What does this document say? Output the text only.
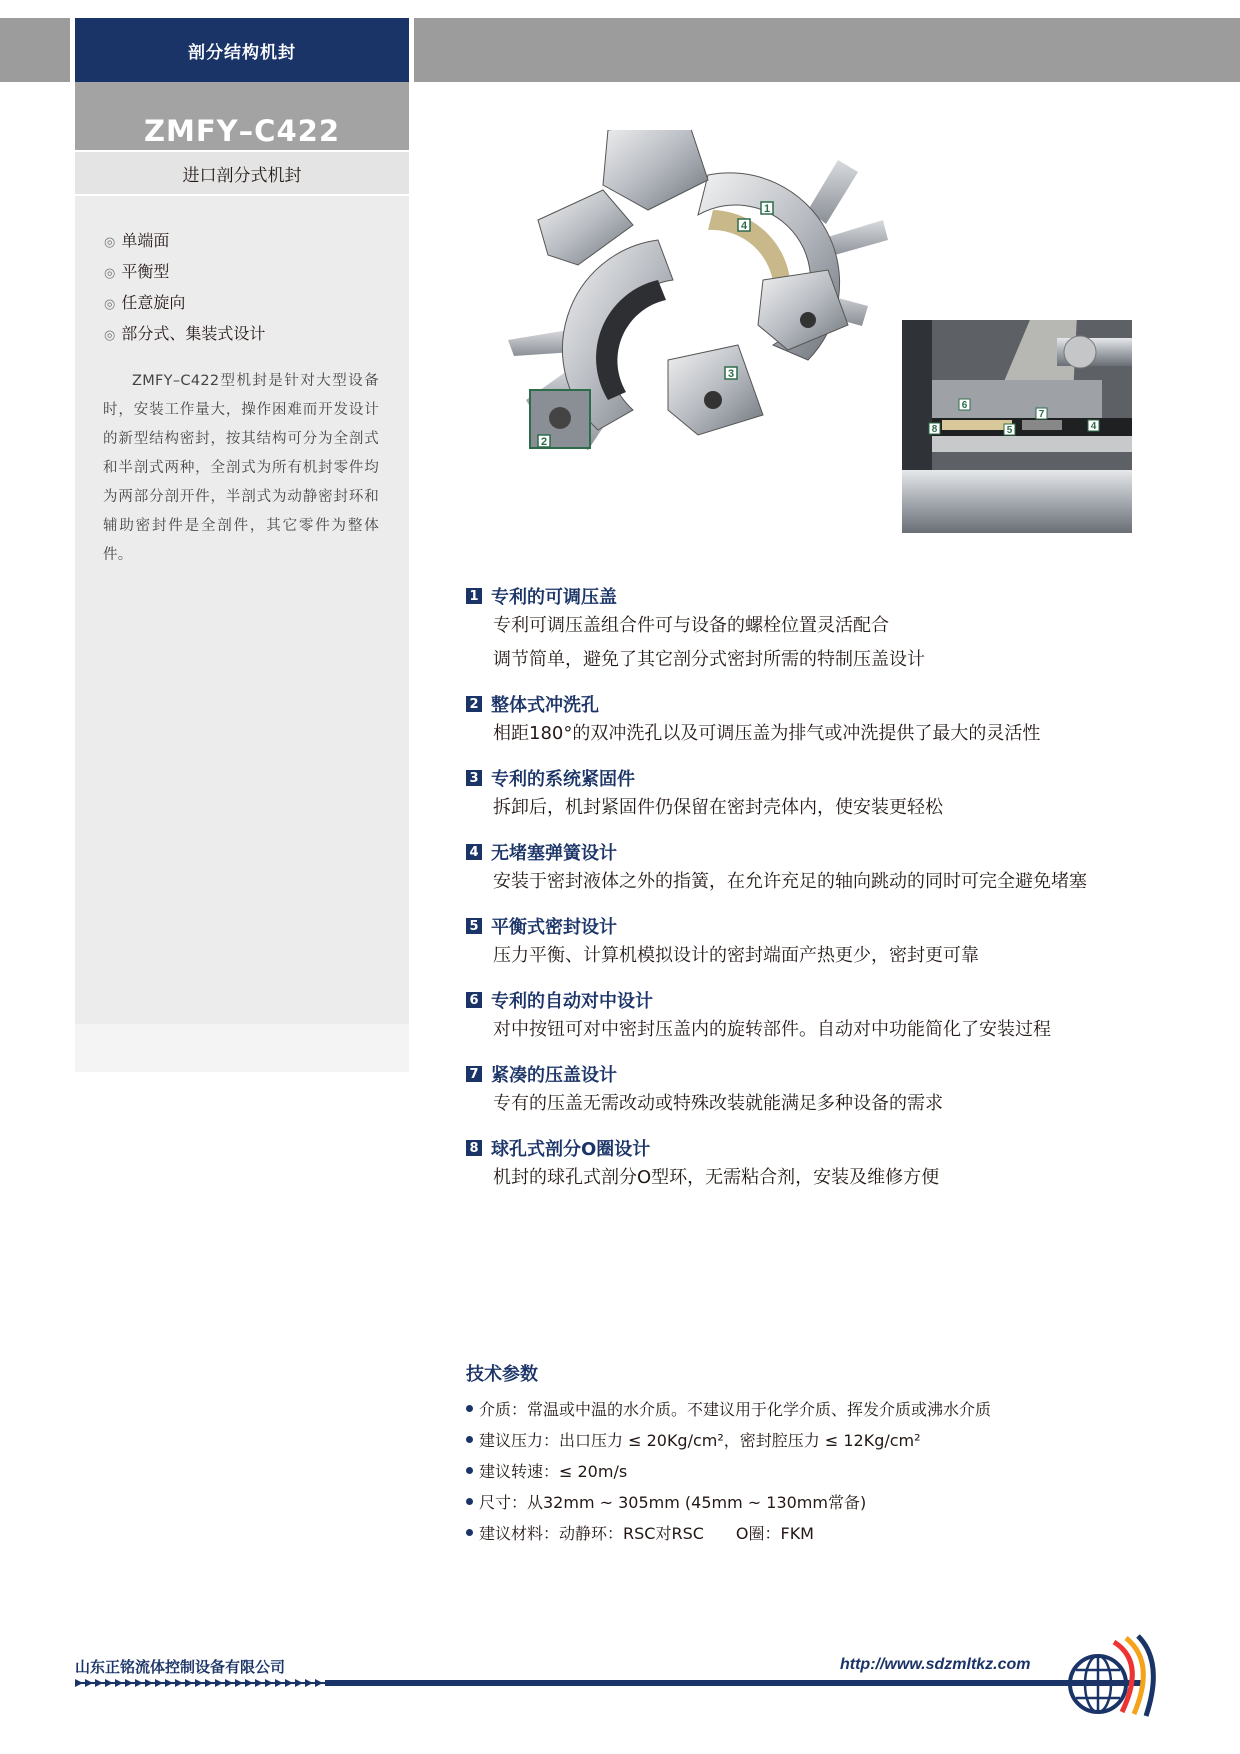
剖分结构机封
ZMFY–C422
进口剖分式机封
◎ 单端面
◎ 平衡型
◎ 任意旋向
◎ 部分式、集装式设计

ZMFY–C422型机封是针对大型设备时，安装工作量大，操作困难而开发设计的新型结构密封，按其结构可分为全剖式和半剖式两种，全剖式为所有机封零件均为两部分剖开件，半剖式为动静密封环和辅助密封件是全剖件，其它零件为整体件。

1
2
3
4
6
7
8	5	4
1 专利的可调压盖
专利可调压盖组合件可与设备的螺栓位置灵活配合
调节简单，避免了其它剖分式密封所需的特制压盖设计
2 整体式冲洗孔
相距180°的双冲洗孔以及可调压盖为排气或冲洗提供了最大的灵活性
3 专利的系统紧固件
拆卸后，机封紧固件仍保留在密封壳体内，使安装更轻松
4 无堵塞弹簧设计
安装于密封液体之外的指簧，在允许充足的轴向跳动的同时可完全避免堵塞
5 平衡式密封设计
压力平衡、计算机模拟设计的密封端面产热更少，密封更可靠
6 专利的自动对中设计
对中按钮可对中密封压盖内的旋转部件。自动对中功能简化了安装过程
7 紧凑的压盖设计
专有的压盖无需改动或特殊改装就能满足多种设备的需求
8 球孔式剖分O圈设计
机封的球孔式剖分O型环，无需粘合剂，安装及维修方便
技术参数
介质：常温或中温的水介质。不建议用于化学介质、挥发介质或沸水介质
建议压力：出口压力 ≤ 20Kg/cm²，密封腔压力 ≤ 12Kg/cm²
建议转速：≤ 20m/s
尺寸：从32mm ~ 305mm (45mm ~ 130mm常备)
建议材料：动静环：RSC对RSC　　O圈：FKM
山东正铭流体控制设备有限公司	http://www.sdzmltkz.com
